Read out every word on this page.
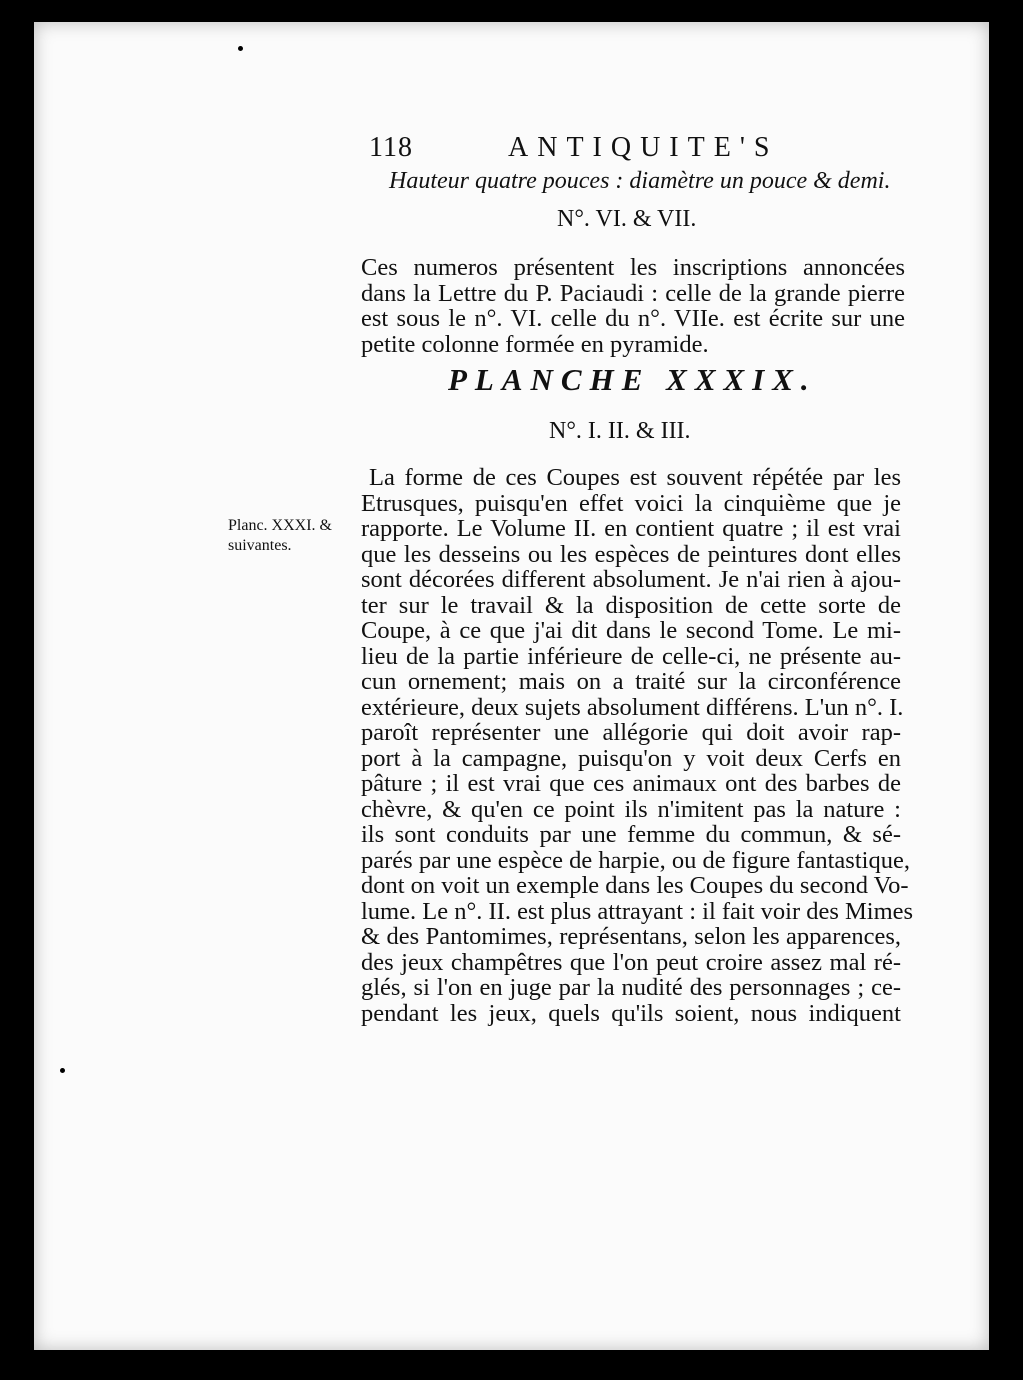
118	ANTIQUITE'S
Hauteur quatre pouces : diamètre un pouce & demi.
N°. VI. & VII.
Ces numeros présentent les inscriptions annoncées
dans la Lettre du P. Paciaudi : celle de la grande pierre
est sous le n°. VI. celle du n°. VIIe. est écrite sur une
petite colonne formée en pyramide.
PLANCHE XXXIX.
N°. I. II. & III.
Planc. XXXI. &
suivantes.
La forme de ces Coupes est souvent répétée par les
Etrusques, puisqu'en effet voici la cinquième que je
rapporte. Le Volume II. en contient quatre ; il est vrai
que les desseins ou les espèces de peintures dont elles
sont décorées different absolument. Je n'ai rien à ajou-
ter sur le travail & la disposition de cette sorte de
Coupe, à ce que j'ai dit dans le second Tome. Le mi-
lieu de la partie inférieure de celle-ci, ne présente au-
cun ornement; mais on a traité sur la circonférence
extérieure, deux sujets absolument différens. L'un n°. I.
paroît représenter une allégorie qui doit avoir rap-
port à la campagne, puisqu'on y voit deux Cerfs en
pâture ; il est vrai que ces animaux ont des barbes de
chèvre, & qu'en ce point ils n'imitent pas la nature :
ils sont conduits par une femme du commun, & sé-
parés par une espèce de harpie, ou de figure fantastique,
dont on voit un exemple dans les Coupes du second Vo-
lume. Le n°. II. est plus attrayant : il fait voir des Mimes
& des Pantomimes, représentans, selon les apparences,
des jeux champêtres que l'on peut croire assez mal ré-
glés, si l'on en juge par la nudité des personnages ; ce-
pendant les jeux, quels qu'ils soient, nous indiquent
